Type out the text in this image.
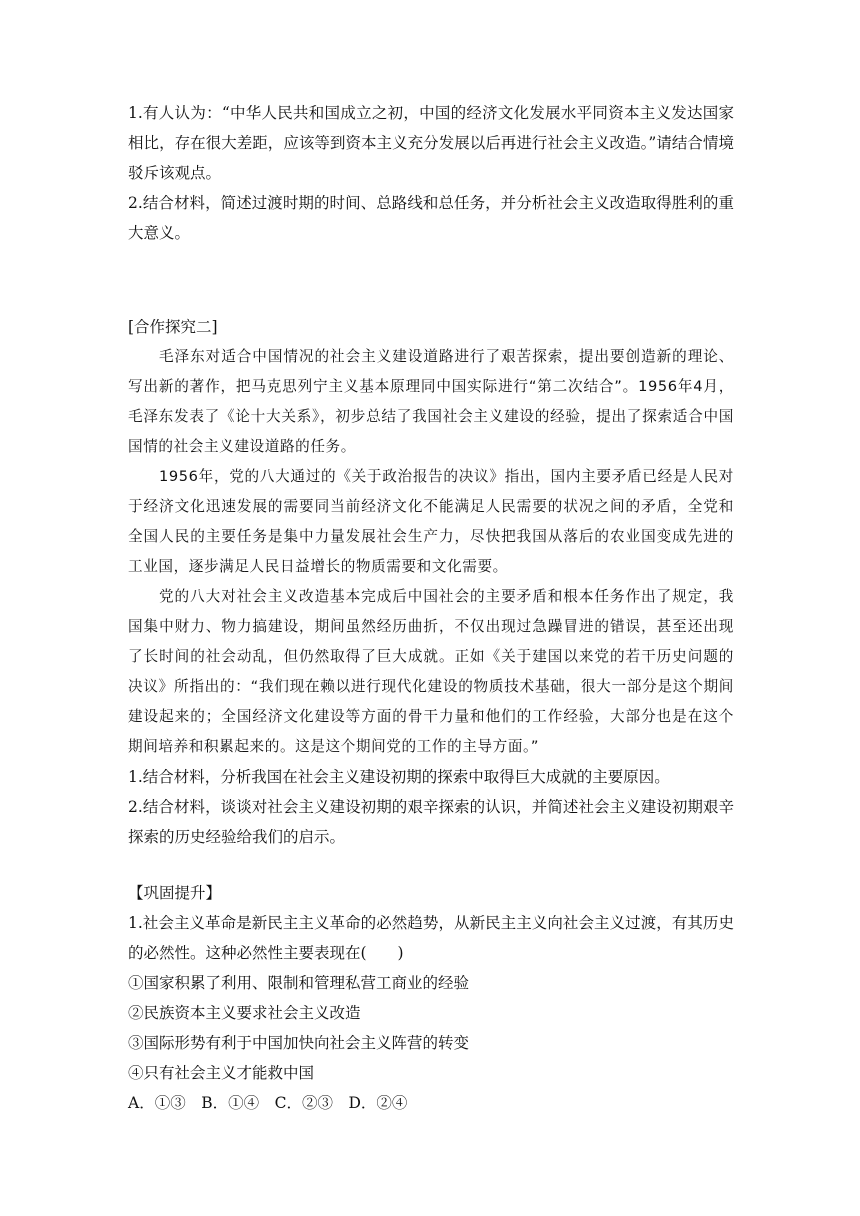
1.有人认为：“中华人民共和国成立之初，中国的经济文化发展水平同资本主义发达国家相比，存在很大差距，应该等到资本主义充分发展以后再进行社会主义改造。”请结合情境驳斥该观点。

2.结合材料，简述过渡时期的时间、总路线和总任务，并分析社会主义改造取得胜利的重大意义。

[合作探究二]

毛泽东对适合中国情况的社会主义建设道路进行了艰苦探索，提出要创造新的理论、写出新的著作，把马克思列宁主义基本原理同中国实际进行“第二次结合”。1956年4月，毛泽东发表了《论十大关系》，初步总结了我国社会主义建设的经验，提出了探索适合中国国情的社会主义建设道路的任务。

1956年，党的八大通过的《关于政治报告的决议》指出，国内主要矛盾已经是人民对于经济文化迅速发展的需要同当前经济文化不能满足人民需要的状况之间的矛盾，全党和全国人民的主要任务是集中力量发展社会生产力，尽快把我国从落后的农业国变成先进的工业国，逐步满足人民日益增长的物质需要和文化需要。

党的八大对社会主义改造基本完成后中国社会的主要矛盾和根本任务作出了规定，我国集中财力、物力搞建设，期间虽然经历曲折，不仅出现过急躁冒进的错误，甚至还出现了长时间的社会动乱，但仍然取得了巨大成就。正如《关于建国以来党的若干历史问题的决议》所指出的：“我们现在赖以进行现代化建设的物质技术基础，很大一部分是这个期间建设起来的；全国经济文化建设等方面的骨干力量和他们的工作经验，大部分也是在这个期间培养和积累起来的。这是这个期间党的工作的主导方面。”

1.结合材料，分析我国在社会主义建设初期的探索中取得巨大成就的主要原因。

2.结合材料，谈谈对社会主义建设初期的艰辛探索的认识，并简述社会主义建设初期艰辛探索的历史经验给我们的启示。

【巩固提升】

1.社会主义革命是新民主主义革命的必然趋势，从新民主主义向社会主义过渡，有其历史的必然性。这种必然性主要表现在(　　)

①国家积累了利用、限制和管理私营工商业的经验

②民族资本主义要求社会主义改造

③国际形势有利于中国加快向社会主义阵营的转变

④只有社会主义才能救中国

A．①③　B．①④　C．②③　D．②④
